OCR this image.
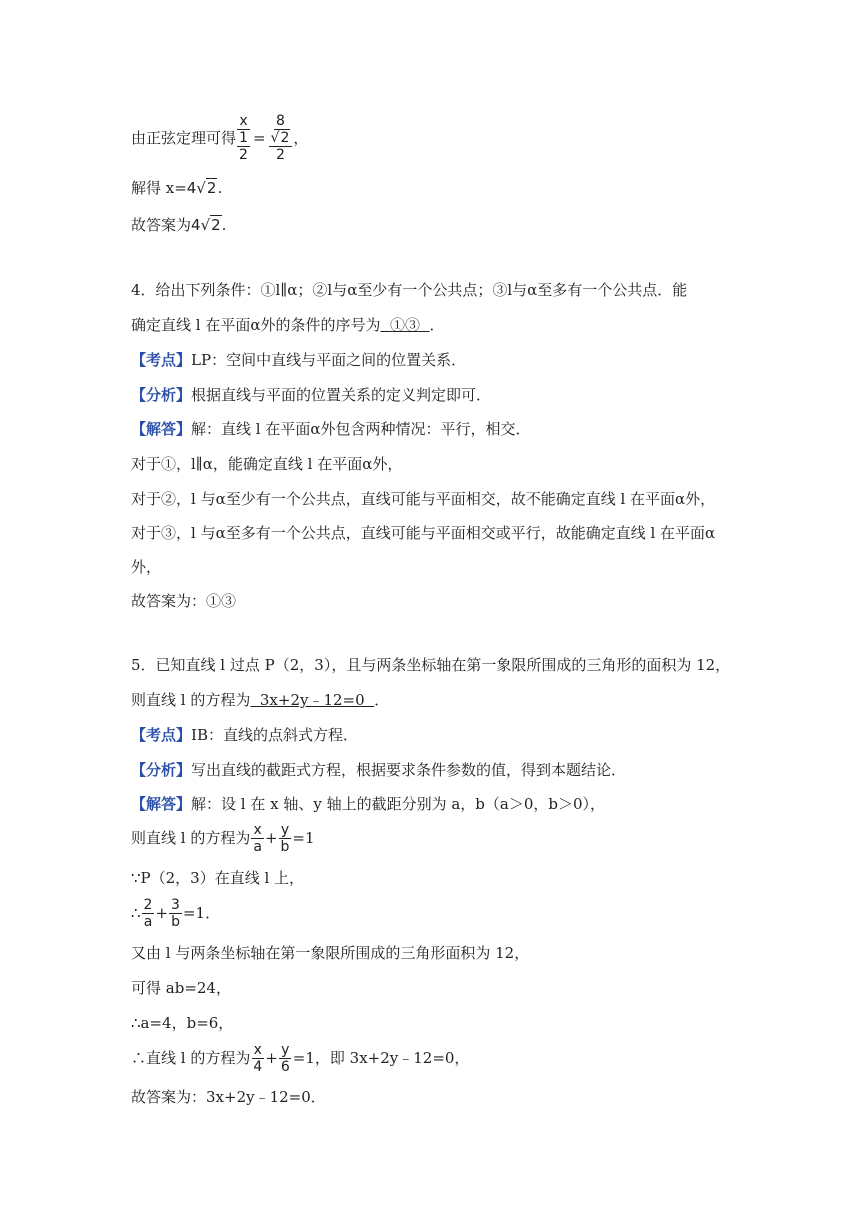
由正弦定理可得 $\frac{x}{\frac{1}{2}} = \frac{8}{\frac{√2}{2}}$ ，
解得 x=4√2.
故答案为4√2.
4．给出下列条件：①l∥α；②l与α至少有一个公共点；③l与α至多有一个公共点．能
确定直线 l 在平面α外的条件的序号为  ①③  ．
【考点】LP：空间中直线与平面之间的位置关系．
【分析】根据直线与平面的位置关系的定义判定即可．
【解答】解：直线 l 在平面α外包含两种情况：平行，相交．
对于①，l∥α，能确定直线 l 在平面α外，
对于②，l 与α至少有一个公共点，直线可能与平面相交，故不能确定直线 l 在平面α外，
对于③，l 与α至多有一个公共点，直线可能与平面相交或平行，故能确定直线 l 在平面α
外，
故答案为：①③
5．已知直线 l 过点 P（2，3），且与两条坐标轴在第一象限所围成的三角形的面积为 12，
则直线 l 的方程为  3x+2y﹣12=0  ．
【考点】IB：直线的点斜式方程．
【分析】写出直线的截距式方程，根据要求条件参数的值，得到本题结论．
【解答】解：设 l 在 x 轴、y 轴上的截距分别为 a，b（a＞0，b＞0），
则直线 l 的方程为 $\frac{x}{a} + \frac{y}{b} =1$
∵P（2，3）在直线 l 上，
∴ $\frac{2}{a} + \frac{3}{b} =1$．
又由 l 与两条坐标轴在第一象限所围成的三角形面积为 12，
可得 ab=24，
∴a=4，b=6，
∴直线 l 的方程为 $\frac{x}{4} + \frac{y}{6} =1$，即 3x+2y﹣12=0，
故答案为：3x+2y﹣12=0．
